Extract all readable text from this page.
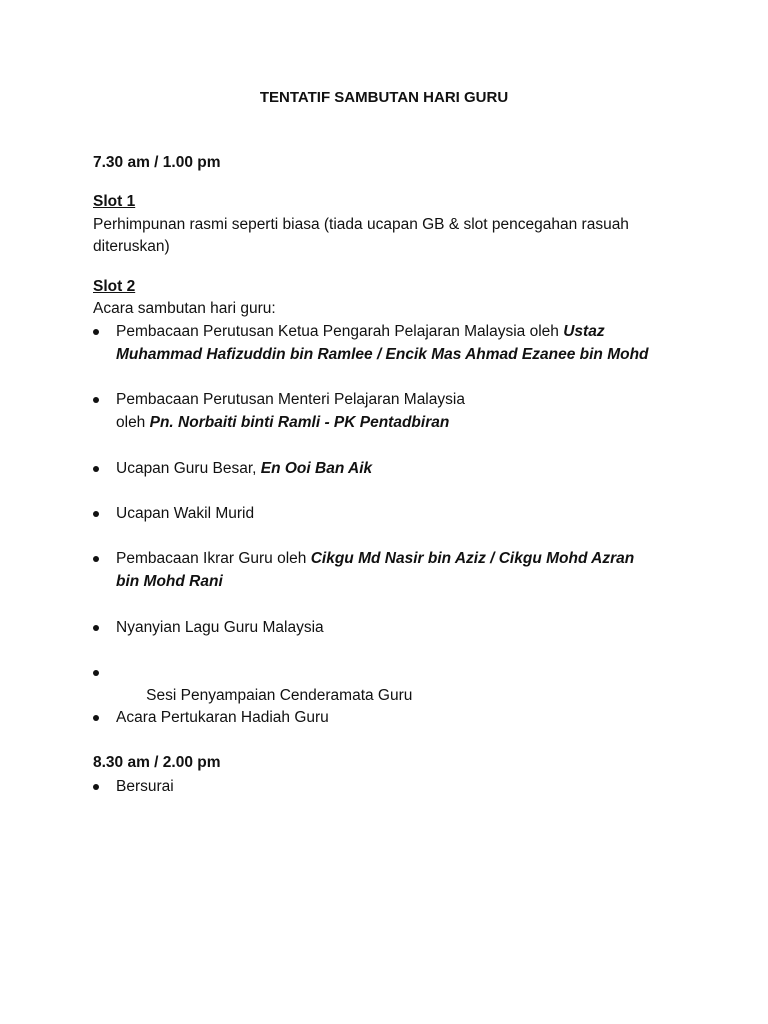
TENTATIF SAMBUTAN HARI GURU
7.30 am / 1.00 pm
Slot 1
Perhimpunan rasmi seperti biasa (tiada ucapan GB & slot pencegahan rasuah
diteruskan)
Slot 2
Acara sambutan hari guru:
Pembacaan Perutusan Ketua Pengarah Pelajaran Malaysia oleh Ustaz
Muhammad Hafizuddin bin Ramlee / Encik Mas Ahmad Ezanee bin Mohd
Pembacaan Perutusan Menteri Pelajaran Malaysia
oleh Pn. Norbaiti binti Ramli - PK Pentadbiran
Ucapan Guru Besar, En Ooi Ban Aik
Ucapan Wakil Murid
Pembacaan Ikrar Guru oleh Cikgu Md Nasir bin Aziz / Cikgu Mohd Azran
bin Mohd Rani
Nyanyian Lagu Guru Malaysia

Sesi Penyampaian Cenderamata Guru

Acara Pertukaran Hadiah Guru
8.30 am / 2.00 pm
Bersurai
